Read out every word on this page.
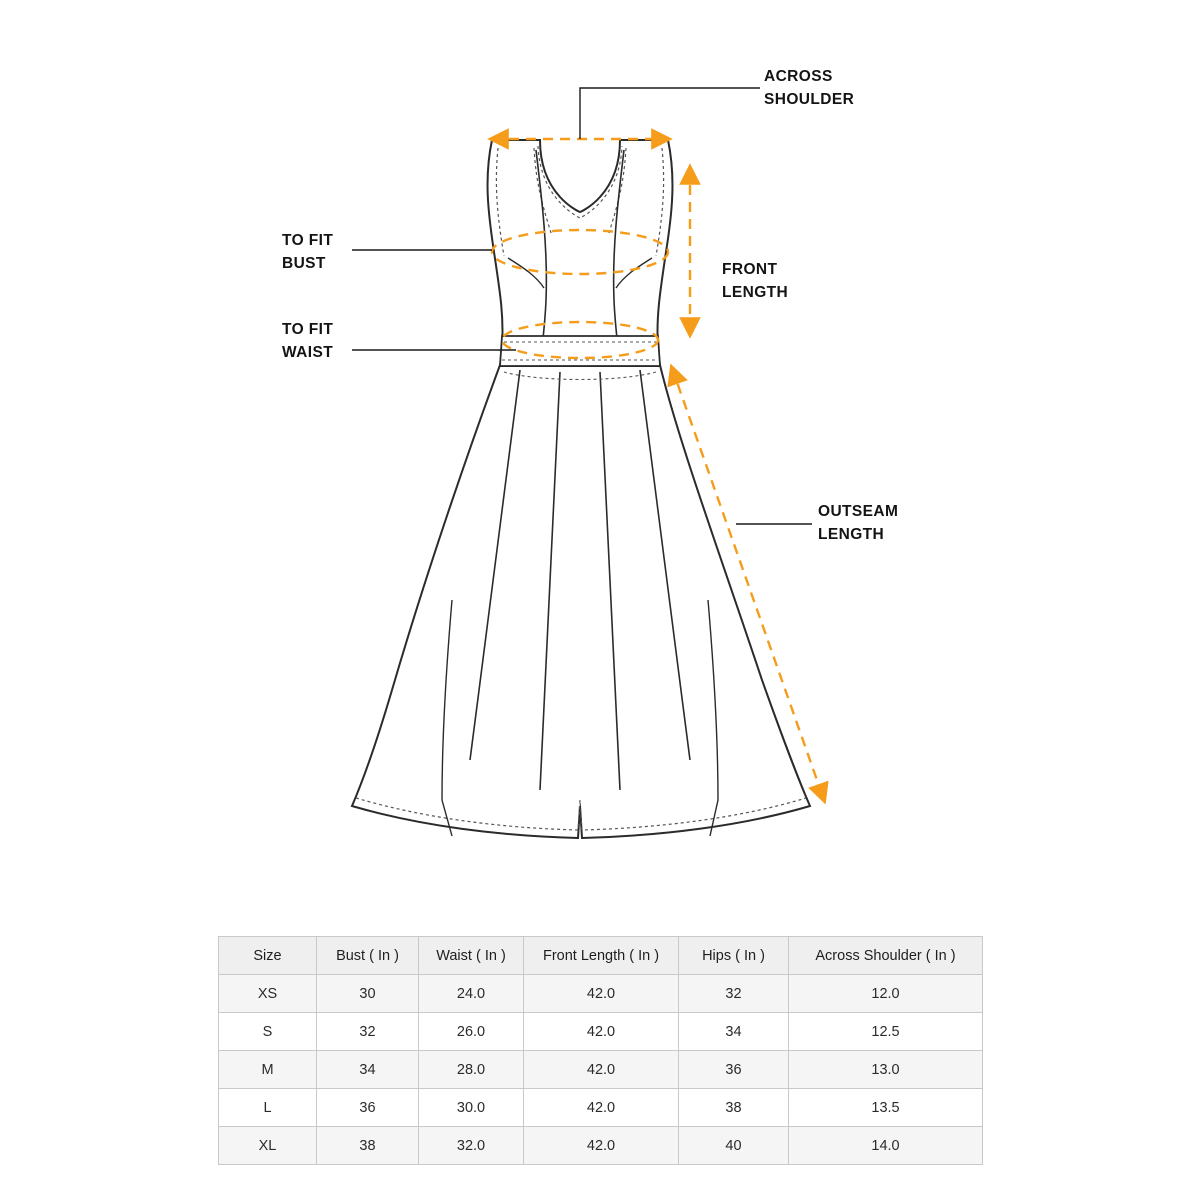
ACROSS
SHOULDER
TO FIT
BUST
TO FIT
WAIST
FRONT
LENGTH
OUTSEAM
LENGTH
Size	Bust ( In )	Waist ( In )	Front Length ( In )	Hips ( In )	Across Shoulder ( In )
XS	30	24.0	42.0	32	12.0
S	32	26.0	42.0	34	12.5
M	34	28.0	42.0	36	13.0
L	36	30.0	42.0	38	13.5
XL	38	32.0	42.0	40	14.0
